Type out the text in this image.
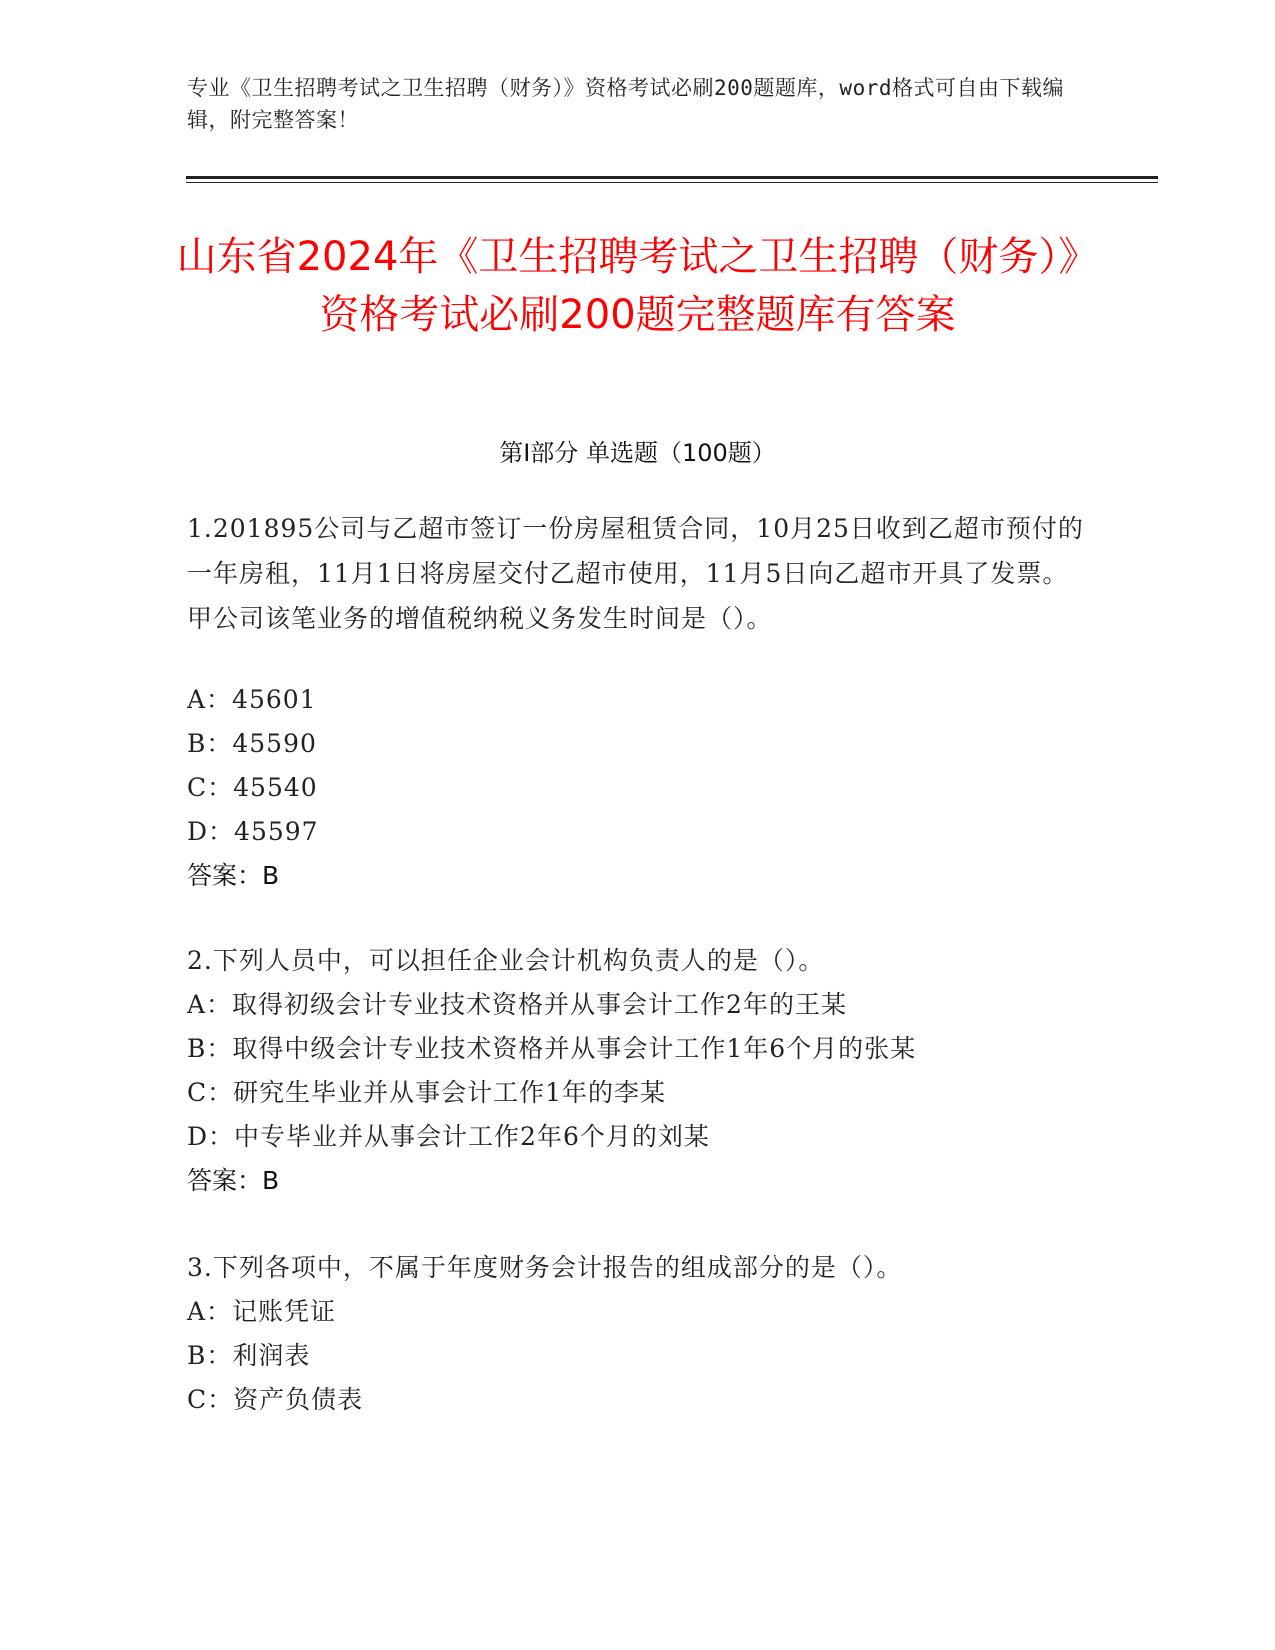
专业《卫生招聘考试之卫生招聘（财务）》资格考试必刷200题题库，word格式可自由下载编辑，附完整答案！
山东省2024年《卫生招聘考试之卫生招聘（财务）》资格考试必刷200题完整题库有答案
第I部分 单选题（100题）
1.201895公司与乙超市签订一份房屋租赁合同，10月25日收到乙超市预付的一年房租，11月1日将房屋交付乙超市使用，11月5日向乙超市开具了发票。甲公司该笔业务的增值税纳税义务发生时间是（）。
A：45601
B：45590
C：45540
D：45597
答案：B
2.下列人员中，可以担任企业会计机构负责人的是（）。
A：取得初级会计专业技术资格并从事会计工作2年的王某
B：取得中级会计专业技术资格并从事会计工作1年6个月的张某
C：研究生毕业并从事会计工作1年的李某
D：中专毕业并从事会计工作2年6个月的刘某
答案：B
3.下列各项中，不属于年度财务会计报告的组成部分的是（）。
A：记账凭证
B：利润表
C：资产负债表
